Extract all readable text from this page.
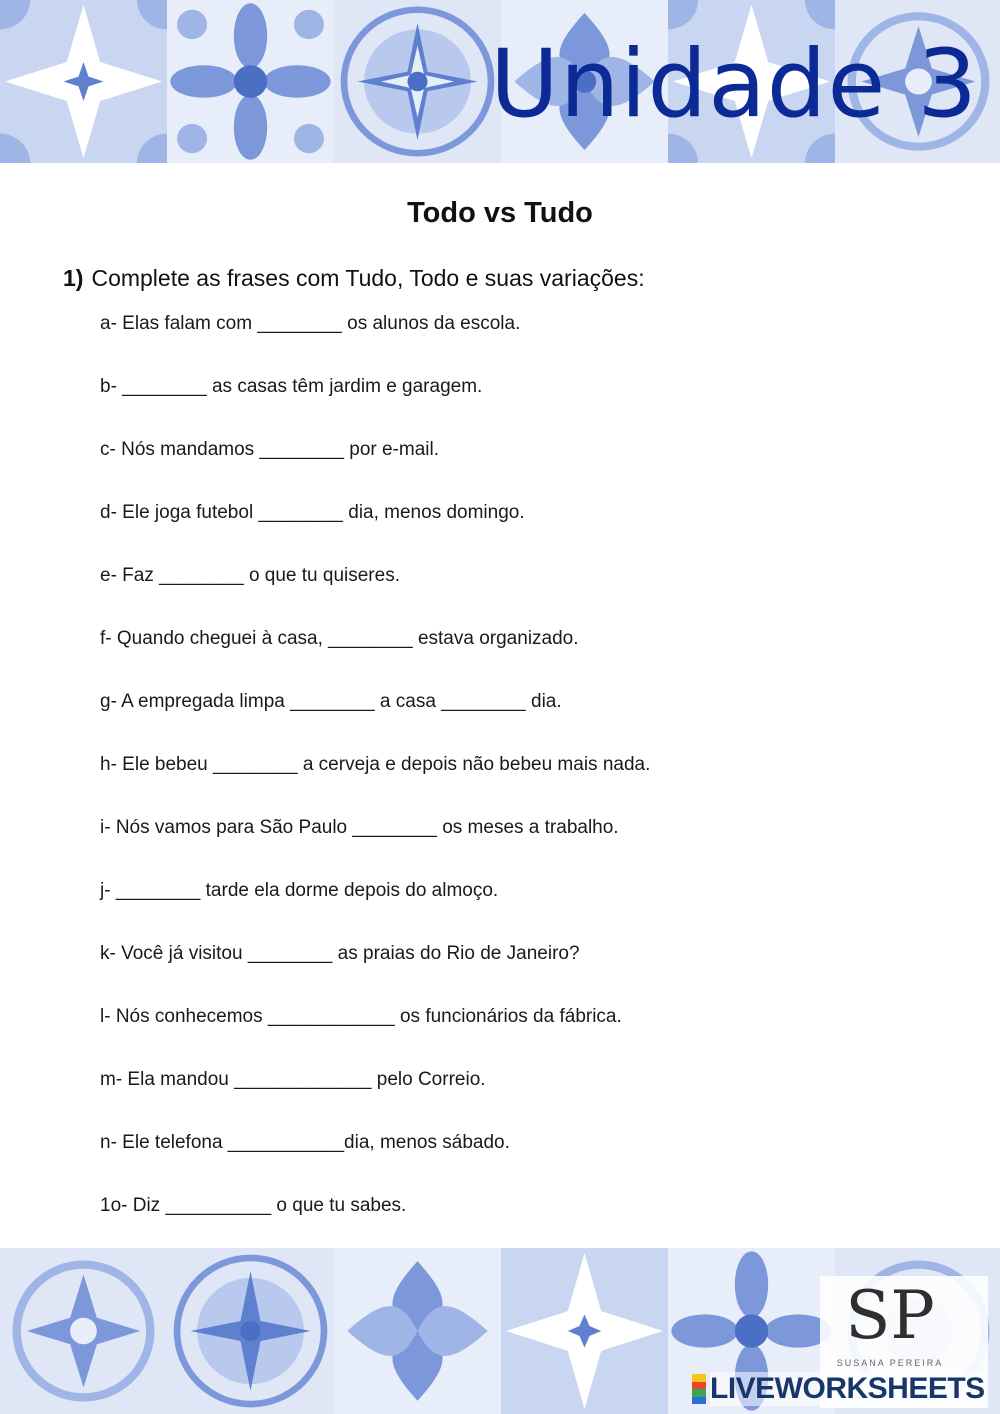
Unidade 3
Todo vs Tudo
1) Complete as frases com Tudo, Todo e suas variações:
a- Elas falam com ________ os alunos da escola.
b- ________ as casas têm jardim e garagem.
c- Nós mandamos ________ por e-mail.
d- Ele joga futebol ________ dia, menos domingo.
e- Faz ________ o que tu quiseres.
f- Quando cheguei à casa, ________ estava organizado.
g- A empregada limpa ________ a casa ________ dia.
h- Ele bebeu ________ a cerveja e depois não bebeu mais nada.
i- Nós vamos para São Paulo ________ os meses a trabalho.
j- ________ tarde ela dorme depois do almoço.
k- Você já visitou ________ as praias do Rio de Janeiro?
l- Nós conhecemos ____________ os funcionários da fábrica.
m- Ela mandou _____________ pelo Correio.
n- Ele telefona ___________dia, menos sábado.
1o- Diz __________ o que tu sabes.
SP
SUSANA PEREIRA
LIVEWORKSHEETS
